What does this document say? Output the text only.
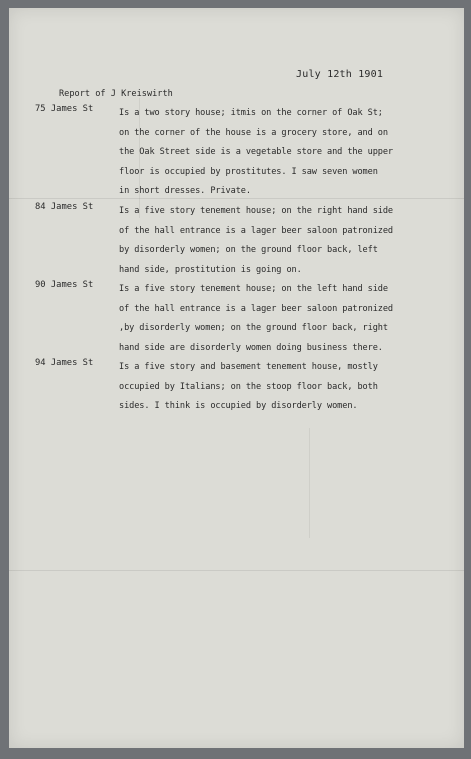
July 12th 1901
Report of J Kreiswirth
75 James St	Is a two story house; itmis on the corner of Oak St;
on the corner of the house is a grocery store, and on
the Oak Street side is a vegetable store and the upper
floor is occupied by prostitutes. I saw seven women
in short dresses. Private.
84 James St	Is a five story tenement house; on the right hand side
of the hall entrance is a lager beer saloon patronized
by disorderly women; on the ground floor back, left
hand side, prostitution is going on.
90 James St	Is a five story tenement house; on the left hand side
of the hall entrance is a lager beer saloon patronized
,by disorderly women; on the ground floor back, right
hand side are disorderly women doing business there.
94 James St	Is a five story and basement tenement house, mostly
occupied by Italians; on the stoop floor back, both
sides. I think is occupied by disorderly women.
